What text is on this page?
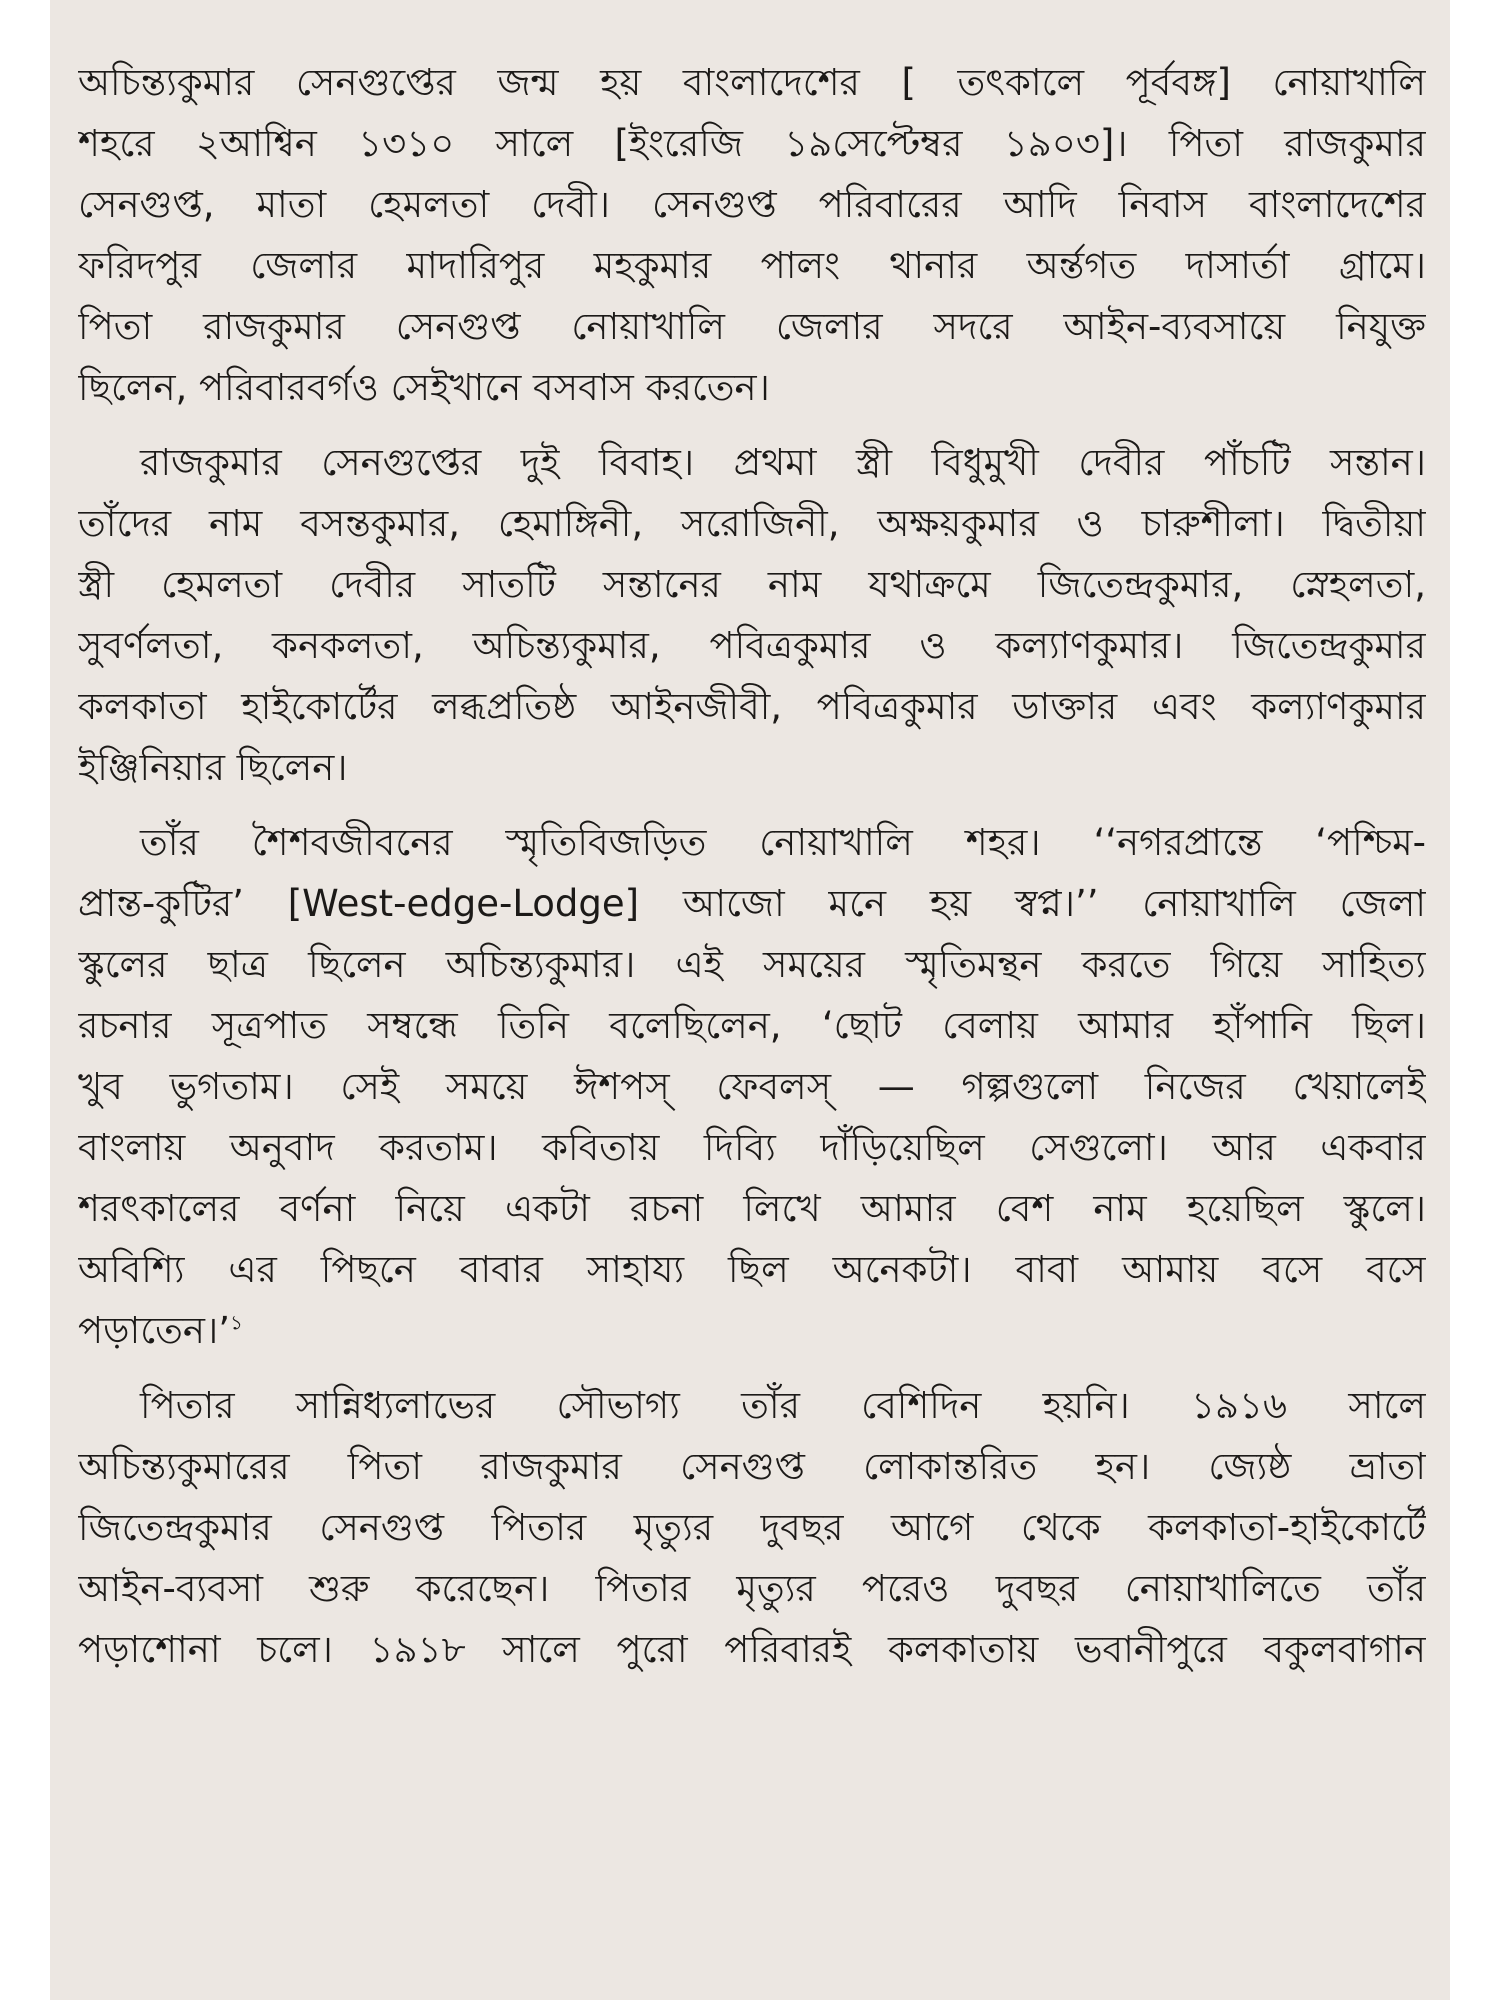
অচিন্ত্যকুমার সেনগুপ্তের জন্ম হয় বাংলাদেশের [ তৎকালে পূর্ববঙ্গ] নোয়াখালি
শহরে ২আশ্বিন ১৩১০ সালে [ইংরেজি ১৯সেপ্টেম্বর ১৯০৩]। পিতা রাজকুমার
সেনগুপ্ত, মাতা হেমলতা দেবী। সেনগুপ্ত পরিবারের আদি নিবাস বাংলাদেশের
ফরিদপুর জেলার মাদারিপুর মহকুমার পালং থানার অর্ন্তগত দাসার্তা গ্রামে।
পিতা রাজকুমার সেনগুপ্ত নোয়াখালি জেলার সদরে আইন-ব্যবসায়ে নিযুক্ত
ছিলেন, পরিবারবর্গও সেইখানে বসবাস করতেন।
রাজকুমার সেনগুপ্তের দুই বিবাহ। প্রথমা স্ত্রী বিধুমুখী দেবীর পাঁচটি সন্তান।
তাঁদের নাম বসন্তকুমার, হেমাঙ্গিনী, সরোজিনী, অক্ষয়কুমার ও চারুশীলা। দ্বিতীয়া
স্ত্রী হেমলতা দেবীর সাতটি সন্তানের নাম যথাক্রমে জিতেন্দ্রকুমার, স্নেহলতা,
সুবর্ণলতা, কনকলতা, অচিন্ত্যকুমার, পবিত্রকুমার ও কল্যাণকুমার। জিতেন্দ্রকুমার
কলকাতা হাইকোর্টের লব্ধপ্রতিষ্ঠ আইনজীবী, পবিত্রকুমার ডাক্তার এবং কল্যাণকুমার
ইঞ্জিনিয়ার ছিলেন।
তাঁর শৈশবজীবনের স্মৃতিবিজড়িত নোয়াখালি শহর। ‘‘নগরপ্রান্তে ‘পশ্চিম-
প্রান্ত-কুটির’ [West-edge-Lodge] আজো মনে হয় স্বপ্ন।’’ নোয়াখালি জেলা
স্কুলের ছাত্র ছিলেন অচিন্ত্যকুমার। এই সময়ের স্মৃতিমন্থন করতে গিয়ে সাহিত্য
রচনার সূত্রপাত সম্বন্ধে তিনি বলেছিলেন, ‘ছোট বেলায় আমার হাঁপানি ছিল।
খুব ভুগতাম। সেই সময়ে ঈশপস্ ফেবলস্ — গল্পগুলো নিজের খেয়ালেই
বাংলায় অনুবাদ করতাম। কবিতায় দিব্যি দাঁড়িয়েছিল সেগুলো। আর একবার
শরৎকালের বর্ণনা নিয়ে একটা রচনা লিখে আমার বেশ নাম হয়েছিল স্কুলে।
অবিশ্যি এর পিছনে বাবার সাহায্য ছিল অনেকটা। বাবা আমায় বসে বসে
পড়াতেন।’$^১$
পিতার সান্নিধ্যলাভের সৌভাগ্য তাঁর বেশিদিন হয়নি। ১৯১৬ সালে
অচিন্ত্যকুমারের পিতা রাজকুমার সেনগুপ্ত লোকান্তরিত হন। জ্যেষ্ঠ ভ্রাতা
জিতেন্দ্রকুমার সেনগুপ্ত পিতার মৃত্যুর দুবছর আগে থেকে কলকাতা-হাইকোর্টে
আইন-ব্যবসা শুরু করেছেন। পিতার মৃত্যুর পরেও দুবছর নোয়াখালিতে তাঁর
পড়াশোনা চলে। ১৯১৮ সালে পুরো পরিবারই কলকাতায় ভবানীপুরে বকুলবাগান
